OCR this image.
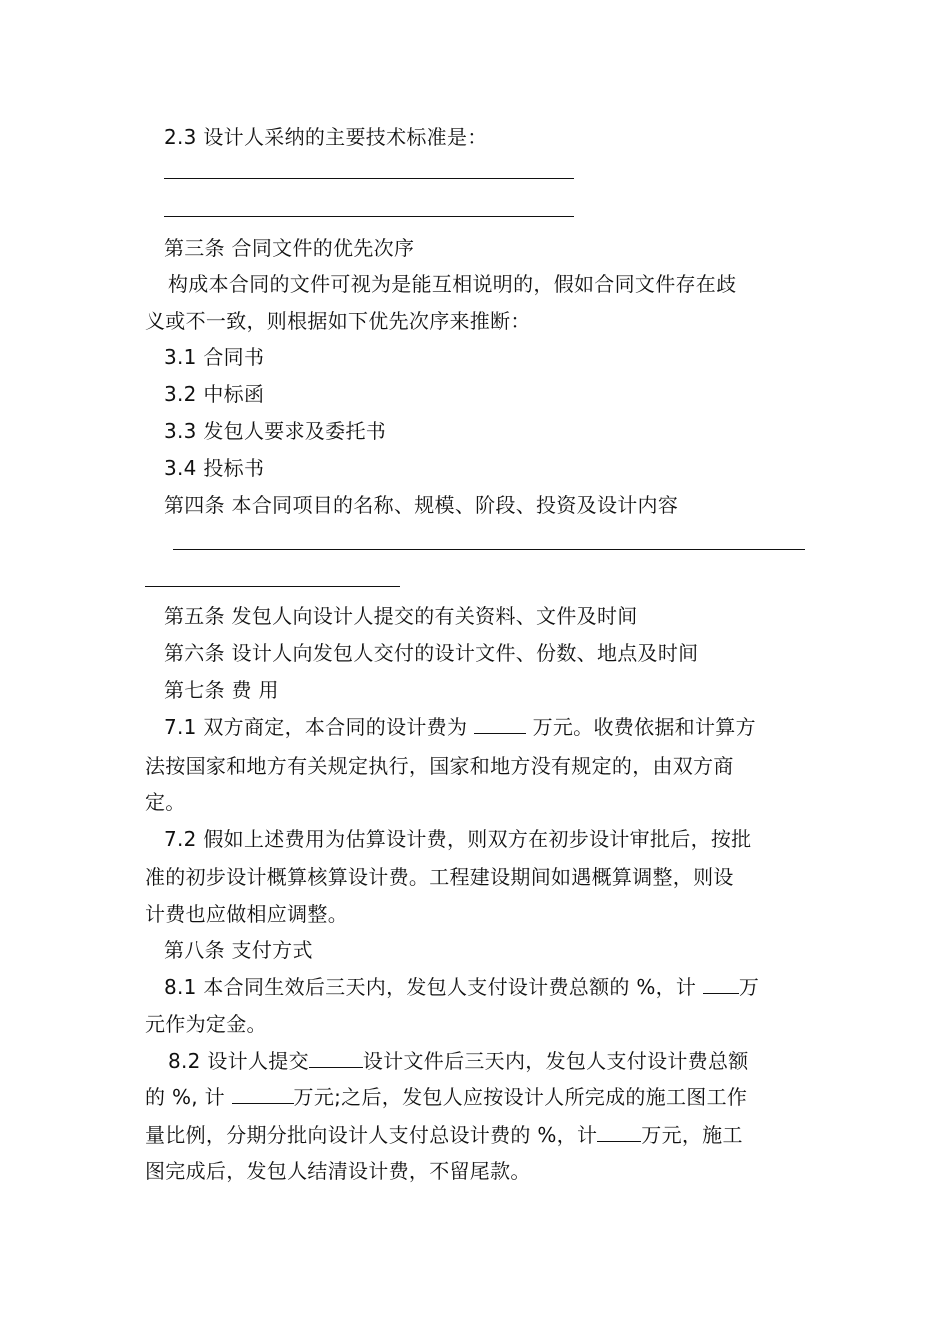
2.3 设计人采纳的主要技术标准是：
第三条 合同文件的优先次序
构成本合同的文件可视为是能互相说明的，假如合同文件存在歧
义或不一致，则根据如下优先次序来推断：
3.1 合同书
3.2 中标函
3.3 发包人要求及委托书
3.4 投标书
第四条 本合同项目的名称、规模、阶段、投资及设计内容
第五条 发包人向设计人提交的有关资料、文件及时间
第六条 设计人向发包人交付的设计文件、份数、地点及时间
第七条 费 用
7.1 双方商定，本合同的设计费为	万元。收费依据和计算方
法按国家和地方有关规定执行，国家和地方没有规定的，由双方商
定。
7.2 假如上述费用为估算设计费，则双方在初步设计审批后，按批
准的初步设计概算核算设计费。工程建设期间如遇概算调整，则设
计费也应做相应调整。
第八条 支付方式
8.1 本合同生效后三天内，发包人支付设计费总额的 %，计 万
元作为定金。
8.2 设计人提交	设计文件后三天内，发包人支付设计费总额
的 %, 计	万元;之后，发包人应按设计人所完成的施工图工作
量比例，分期分批向设计人支付总设计费的 %，计 万元，施工
图完成后，发包人结清设计费，不留尾款。
